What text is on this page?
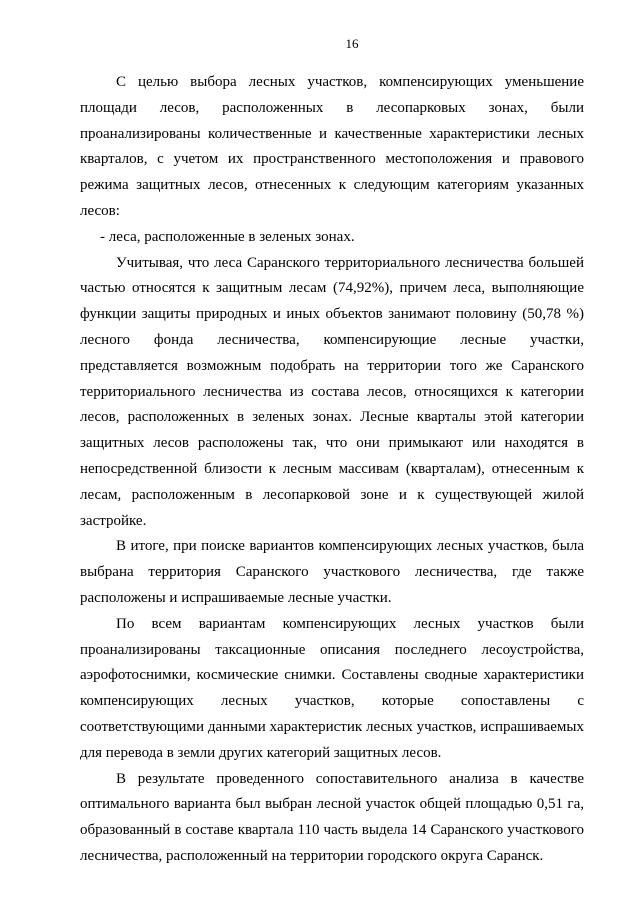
16

С целью выбора лесных участков, компенсирующих уменьшение площади лесов, расположенных в лесопарковых зонах, были проанализированы количественные и качественные характеристики лесных кварталов, с учетом их пространственного местоположения и правового режима защитных лесов, отнесенных к следующим категориям указанных лесов:

- леса, расположенные в зеленых зонах.

Учитывая, что леса Саранского территориального лесничества большей частью относятся к защитным лесам (74,92%), причем леса, выполняющие функции защиты природных и иных объектов занимают половину (50,78 %) лесного фонда лесничества, компенсирующие лесные участки, представляется возможным подобрать на территории того же Саранского территориального лесничества из состава лесов, относящихся к категории лесов, расположенных в зеленых зонах. Лесные кварталы этой категории защитных лесов расположены так, что они примыкают или находятся в непосредственной близости к лесным массивам (кварталам), отнесенным к лесам, расположенным в лесопарковой зоне и к существующей жилой застройке.

В итоге, при поиске вариантов компенсирующих лесных участков, была выбрана территория Саранского участкового лесничества, где также расположены и испрашиваемые лесные участки.

По всем вариантам компенсирующих лесных участков были проанализированы таксационные описания последнего лесоустройства, аэрофотоснимки, космические снимки. Составлены сводные характеристики компенсирующих лесных участков, которые сопоставлены с соответствующими данными характеристик лесных участков, испрашиваемых для перевода в земли других категорий защитных лесов.

В результате проведенного сопоставительного анализа в качестве оптимального варианта был выбран лесной участок общей площадью 0,51 га, образованный в составе квартала 110 часть выдела 14 Саранского участкового лесничества, расположенный на территории городского округа Саранск.
